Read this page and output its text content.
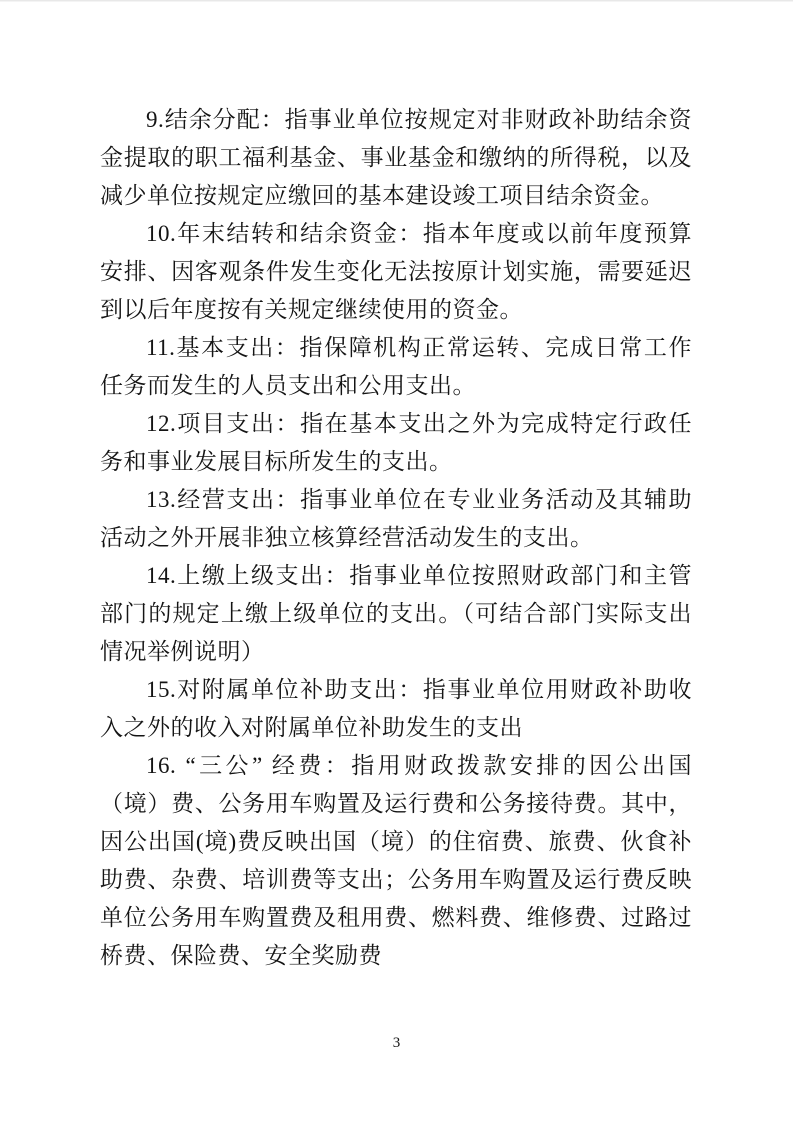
9.结余分配：指事业单位按规定对非财政补助结余资金提取的职工福利基金、事业基金和缴纳的所得税，以及减少单位按规定应缴回的基本建设竣工项目结余资金。

10.年末结转和结余资金：指本年度或以前年度预算安排、因客观条件发生变化无法按原计划实施，需要延迟到以后年度按有关规定继续使用的资金。

11.基本支出：指保障机构正常运转、完成日常工作任务而发生的人员支出和公用支出。

12.项目支出：指在基本支出之外为完成特定行政任务和事业发展目标所发生的支出。

13.经营支出：指事业单位在专业业务活动及其辅助活动之外开展非独立核算经营活动发生的支出。

14.上缴上级支出：指事业单位按照财政部门和主管部门的规定上缴上级单位的支出。（可结合部门实际支出情况举例说明）

15.对附属单位补助支出：指事业单位用财政补助收入之外的收入对附属单位补助发生的支出

16. “三公” 经费：指用财政拨款安排的因公出国（境）费、公务用车购置及运行费和公务接待费。其中，因公出国(境)费反映出国（境）的住宿费、旅费、伙食补助费、杂费、培训费等支出；公务用车购置及运行费反映单位公务用车购置费及租用费、燃料费、维修费、过路过桥费、保险费、安全奖励费

3
